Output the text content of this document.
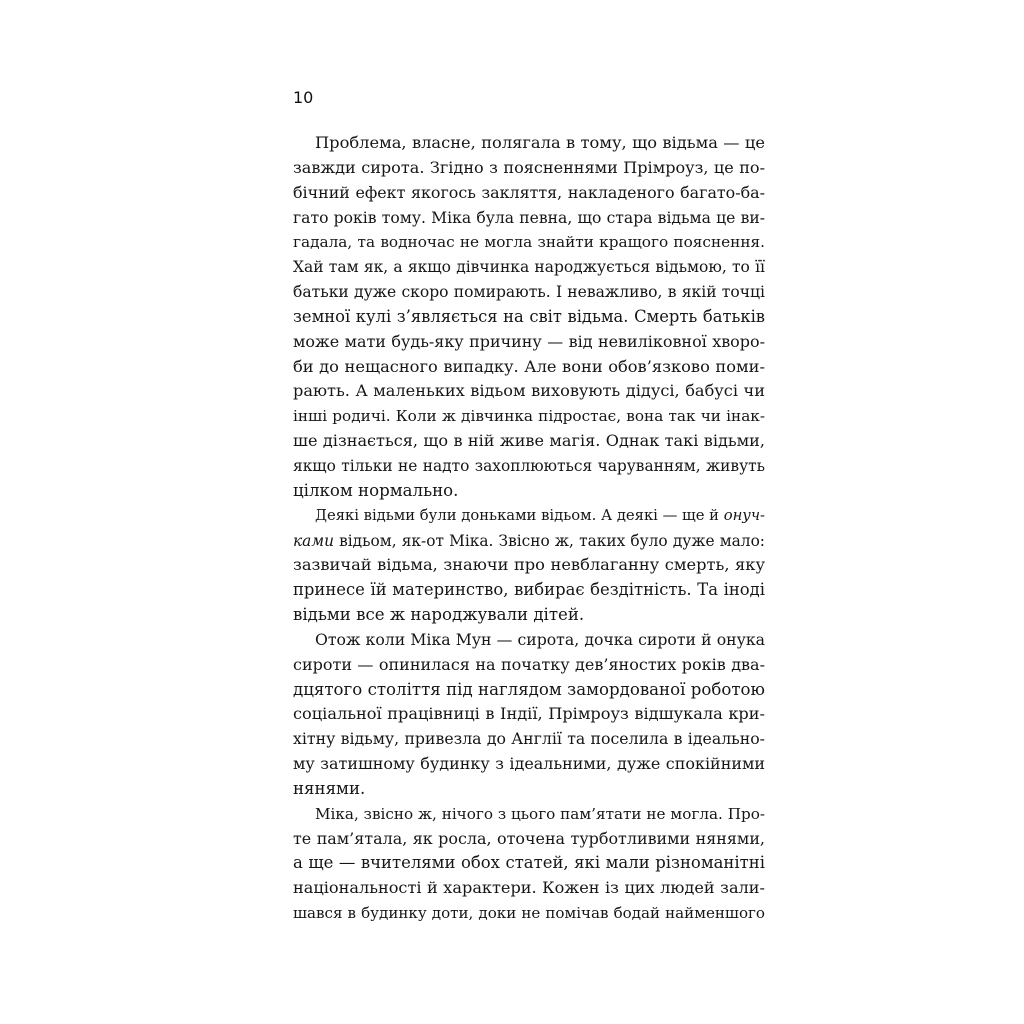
10
Проблема, власне, полягала в тому, що відьма — це
завжди сирота. Згідно з поясненнями Прімроуз, це по-
бічний ефект якогось закляття, накладеного багато-ба-
гато років тому. Міка була певна, що стара відьма це ви-
гадала, та водночас не могла знайти кращого пояснення.
Хай там як, а якщо дівчинка народжується відьмою, то її
батьки дуже скоро помирають. І неважливо, в якій точці
земної кулі з’являється на світ відьма. Смерть батьків
може мати будь-яку причину — від невиліковної хворо-
би до нещасного випадку. Але вони обов’язково поми-
рають. А маленьких відьом виховують дідусі, бабусі чи
інші родичі. Коли ж дівчинка підростає, вона так чи інак-
ше дізнається, що в ній живе магія. Однак такі відьми,
якщо тільки не надто захоплюються чаруванням, живуть
цілком нормально.
Деякі відьми були доньками відьом. А деякі — ще й онуч-
ками відьом, як-от Міка. Звісно ж, таких було дуже мало:
зазвичай відьма, знаючи про невблаганну смерть, яку
принесе їй материнство, вибирає бездітність. Та іноді
відьми все ж народжували дітей.
Отож коли Міка Мун — сирота, дочка сироти й онука
сироти — опинилася на початку дев’яностих років два-
дцятого століття під наглядом замордованої роботою
соціальної працівниці в Індії, Прімроуз відшукала кри-
хітну відьму, привезла до Англії та поселила в ідеально-
му затишному будинку з ідеальними, дуже спокійними
нянями.
Міка, звісно ж, нічого з цього пам’ятати не могла. Про-
те пам’ятала, як росла, оточена турботливими нянями,
а ще — вчителями обох статей, які мали різноманітні
національності й характери. Кожен із цих людей зали-
шався в будинку доти, доки не помічав бодай найменшого
